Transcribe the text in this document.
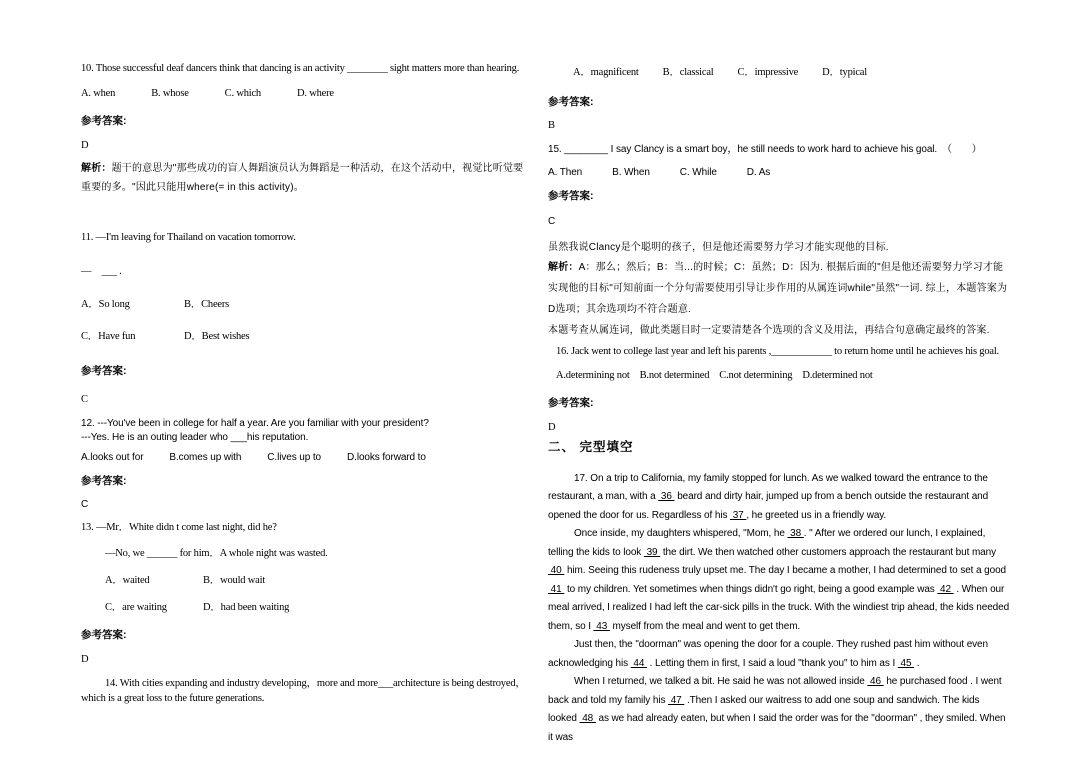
10. Those successful deaf dancers think that dancing is an activity ________ sight matters more than hearing.

A. when	B. whose	C. which	D. where

参考答案:

D

解析：题干的意思为"那些成功的盲人舞蹈演员认为舞蹈是一种活动，在这个活动中，视觉比听觉要重要的多。"因此只能用where(= in this activity)。

11. —I'm leaving for Thailand on vacation tomorrow.

—　___ .

A．So long	B．Cheers
C．Have fun	D．Best wishes

参考答案:

C

12. ---You've been in college for half a year. Are you familiar with your president?

---Yes. He is an outing leader who ___his reputation.

A.looks out for	B.comes up with	C.lives up to	D.looks forward to

参考答案:

C

13. —Mr．White didn t come last night, did he?

—No, we ______ for him．A whole night was wasted.

A．waited	B．would wait
C．are waiting	D．had been waiting

参考答案:

D

14. With cities expanding and industry developing，more and more___architecture is being destroyed，which is a great loss to the future generations.

A．magnificent B．classical C．impressive D．typical

参考答案:

B

15. ________ I say Clancy is a smart boy，he still needs to work hard to achieve his goal.　（　　）

A. Then	B. When	C. While	D. As

参考答案:

C

虽然我说Clancy是个聪明的孩子，但是他还需要努力学习才能实现他的目标.

解析：A：那么；然后；B：当...的时候；C：虽然；D：因为. 根据后面的"但是他还需要努力学习才能实现他的目标"可知前面一个分句需要使用引导让步作用的从属连词while"虽然"一词. 综上，本题答案为D选项；其余选项均不符合题意.

本题考查从属连词，做此类题目时一定要清楚各个选项的含义及用法，再结合句意确定最终的答案.

16. Jack went to college last year and left his parents ,____________ to return home until he achieves his goal.

A.determining not B.not determined C.not determining D.determined not

参考答案:

D

二、 完型填空

17. On a trip to California, my family stopped for lunch. As we walked toward the entrance to the restaurant, a man, with a  36  beard and dirty hair, jumped up from a bench outside the restaurant and opened the door for us. Regardless of his  37 , he greeted us in a friendly way.

Once inside, my daughters whispered, "Mom, he  38 . " After we ordered our lunch, I explained, telling the kids to look  39  the dirt. We then watched other customers approach the restaurant but many  40  him. Seeing this rudeness truly upset me. The day I became a mother, I had determined to set a good  41  to my children. Yet sometimes when things didn't go right, being a good example was  42  . When our meal arrived, I realized I had left the car-sick pills in the truck. With the windiest trip ahead, the kids needed them, so I  43  myself from the meal and went to get them.

Just then, the "doorman" was opening the door for a couple. They rushed past him without even acknowledging his  44  . Letting them in first, I said a loud "thank you" to him as I  45  .

When I returned, we talked a bit. He said he was not allowed inside  46  he purchased food . I went back and told my family his  47  .Then I asked our waitress to add one soup and sandwich. The kids looked  48  as we had already eaten, but when I said the order was for the "doorman" , they smiled. When it was
